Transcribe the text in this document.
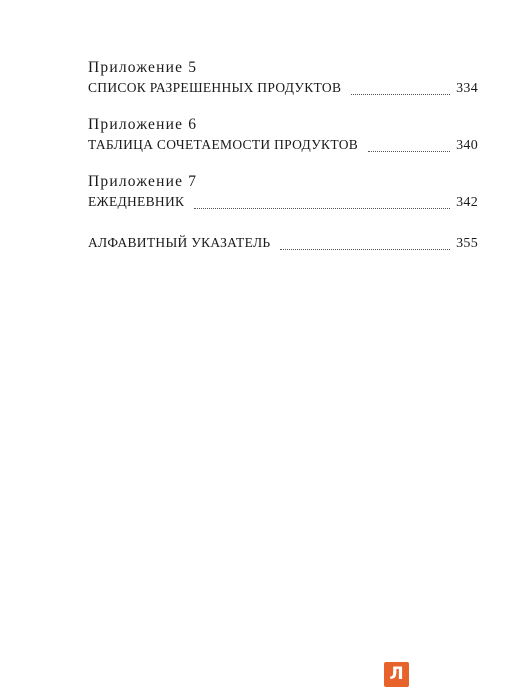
Приложение 5

СПИСОК РАЗРЕШЕННЫХ ПРОДУКТОВ	334

Приложение 6

ТАБЛИЦА СОЧЕТАЕМОСТИ ПРОДУКТОВ	340

Приложение 7

ЕЖЕДНЕВНИК	342

АЛФАВИТНЫЙ УКАЗАТЕЛЬ	355

Л
